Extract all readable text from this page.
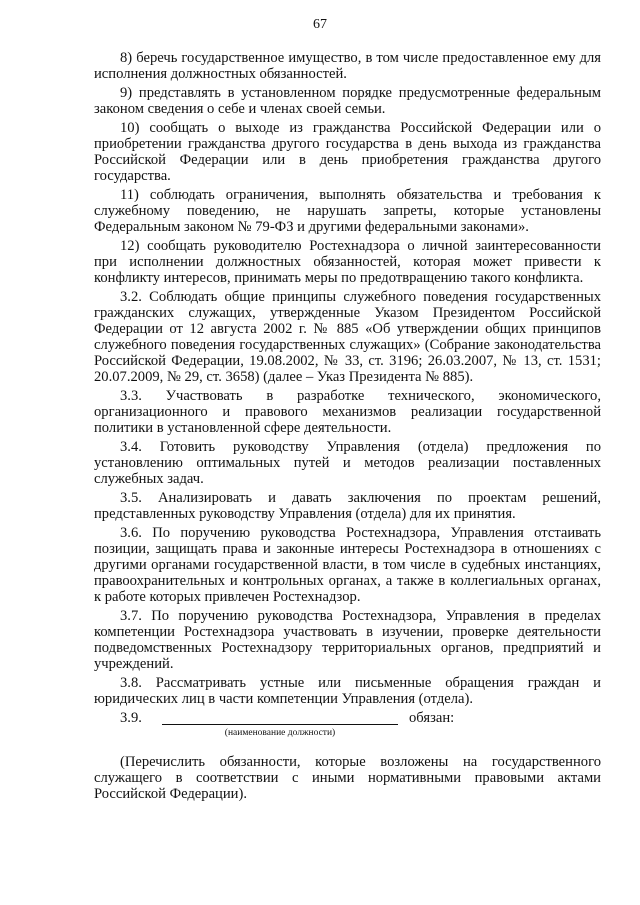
67

8) беречь государственное имущество, в том числе предоставленное ему для исполнения должностных обязанностей.

9) представлять в установленном порядке предусмотренные федеральным законом сведения о себе и членах своей семьи.

10) сообщать о выходе из гражданства Российской Федерации или о приобретении гражданства другого государства в день выхода из гражданства Российской Федерации или в день приобретения гражданства другого государства.

11) соблюдать ограничения, выполнять обязательства и требования к служебному поведению, не нарушать запреты, которые установлены Федеральным законом № 79-ФЗ и другими федеральными законами».

12) сообщать руководителю Ростехнадзора о личной заинтересованности при исполнении должностных обязанностей, которая может привести к конфликту интересов, принимать меры по предотвращению такого конфликта.

3.2. Соблюдать общие принципы служебного поведения государственных гражданских служащих, утвержденные Указом Президентом Российской Федерации от 12 августа 2002 г. № 885 «Об утверждении общих принципов служебного поведения государственных служащих» (Собрание законодательства Российской Федерации, 19.08.2002, № 33, ст. 3196; 26.03.2007, № 13, ст. 1531; 20.07.2009, № 29, ст. 3658) (далее – Указ Президента № 885).

3.3. Участвовать в разработке технического, экономического, организационного и правового механизмов реализации государственной политики в установленной сфере деятельности.

3.4. Готовить руководству Управления (отдела) предложения по установлению оптимальных путей и методов реализации поставленных служебных задач.

3.5. Анализировать и давать заключения по проектам решений, представленных руководству Управления (отдела) для их принятия.

3.6. По поручению руководства Ростехнадзора, Управления отстаивать позиции, защищать права и законные интересы Ростехнадзора в отношениях с другими органами государственной власти, в том числе в судебных инстанциях, правоохранительных и контрольных органах, а также в коллегиальных органах, к работе которых привлечен Ростехнадзор.

3.7. По поручению руководства Ростехнадзора, Управления в пределах компетенции Ростехнадзора участвовать в изучении, проверке деятельности подведомственных Ростехнадзору территориальных органов, предприятий и учреждений.

3.8. Рассматривать устные или письменные обращения граждан и юридических лиц в части компетенции Управления (отдела).

3.9.	обязан:
(наименование должности)

(Перечислить обязанности, которые возложены на государственного служащего в соответствии с иными нормативными правовыми актами Российской Федерации).
